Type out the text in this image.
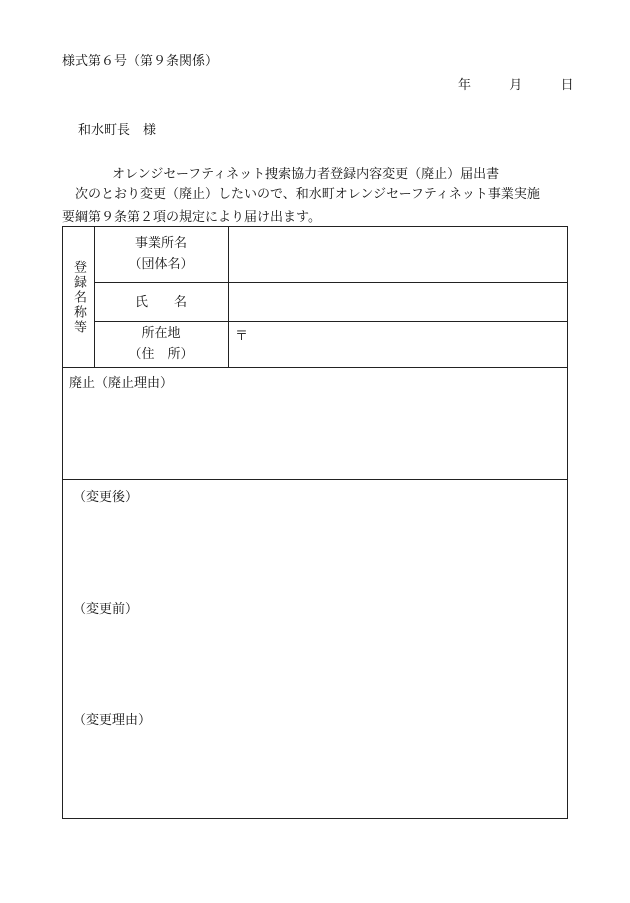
様式第６号（第９条関係）
年	月	日
和水町長　様
オレンジセーフティネット捜索協力者登録内容変更（廃止）届出書
次のとおり変更（廃止）したいので、和水町オレンジセーフティネット事業実施
要綱第９条第２項の規定により届け出ます。
登録名称等
事業所名
（団体名）
氏　　名
所在地
（住　所）
〒
廃止（廃止理由）
（変更後）
（変更前）
（変更理由）
